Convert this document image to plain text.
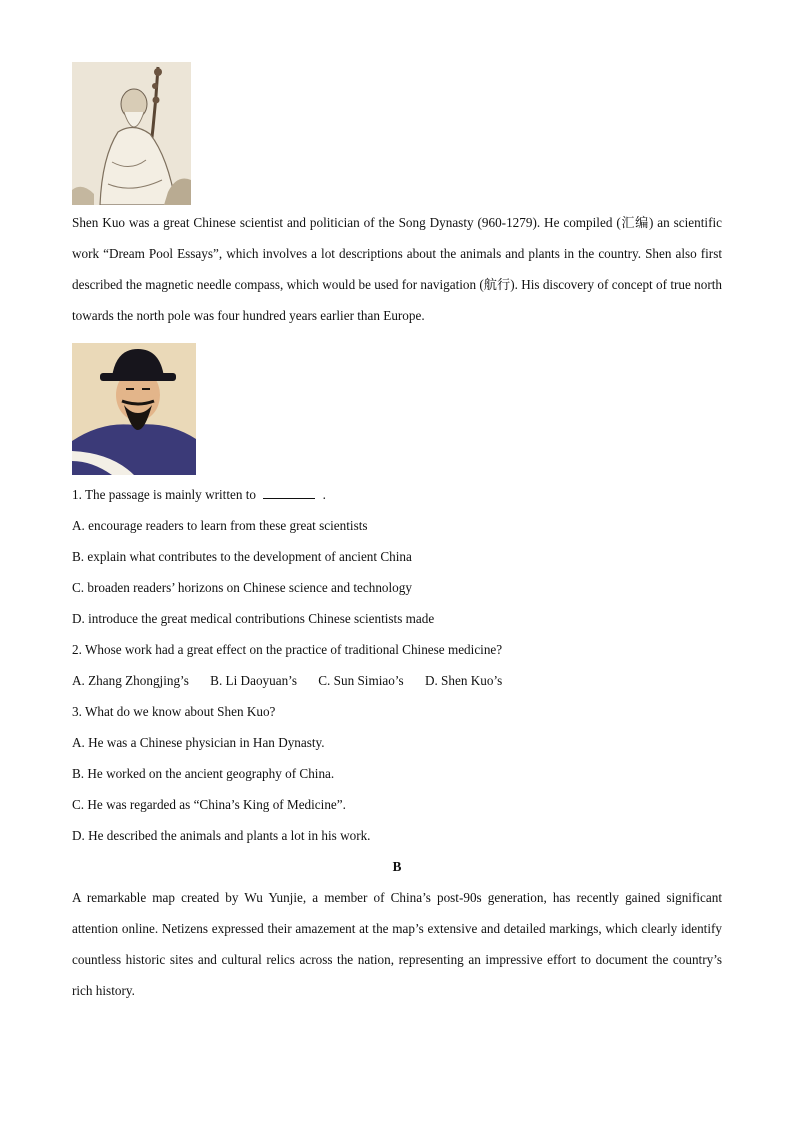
Shen Kuo was a great Chinese scientist and politician of the Song Dynasty (960-1279). He compiled (汇编) an scientific work “Dream Pool Essays”, which involves a lot descriptions about the animals and plants in the country. Shen also first described the magnetic needle compass, which would be used for navigation (航行). His discovery of concept of true north towards the north pole was four hundred years earlier than Europe.

1. The passage is mainly written to	.

A. encourage readers to learn from these great scientists

B. explain what contributes to the development of ancient China

C. broaden readers’ horizons on Chinese science and technology

D. introduce the great medical contributions Chinese scientists made

2. Whose work had a great effect on the practice of traditional Chinese medicine?

A. Zhang Zhongjing’s B. Li Daoyuan’s C. Sun Simiao’s D. Shen Kuo’s

3. What do we know about Shen Kuo?

A. He was a Chinese physician in Han Dynasty.

B. He worked on the ancient geography of China.

C. He was regarded as “China’s King of Medicine”.

D. He described the animals and plants a lot in his work.

B

A remarkable map created by Wu Yunjie, a member of China’s post-90s generation, has recently gained significant attention online. Netizens expressed their amazement at the map’s extensive and detailed markings, which clearly identify countless historic sites and cultural relics across the nation, representing an impressive effort to document the country’s rich history.
